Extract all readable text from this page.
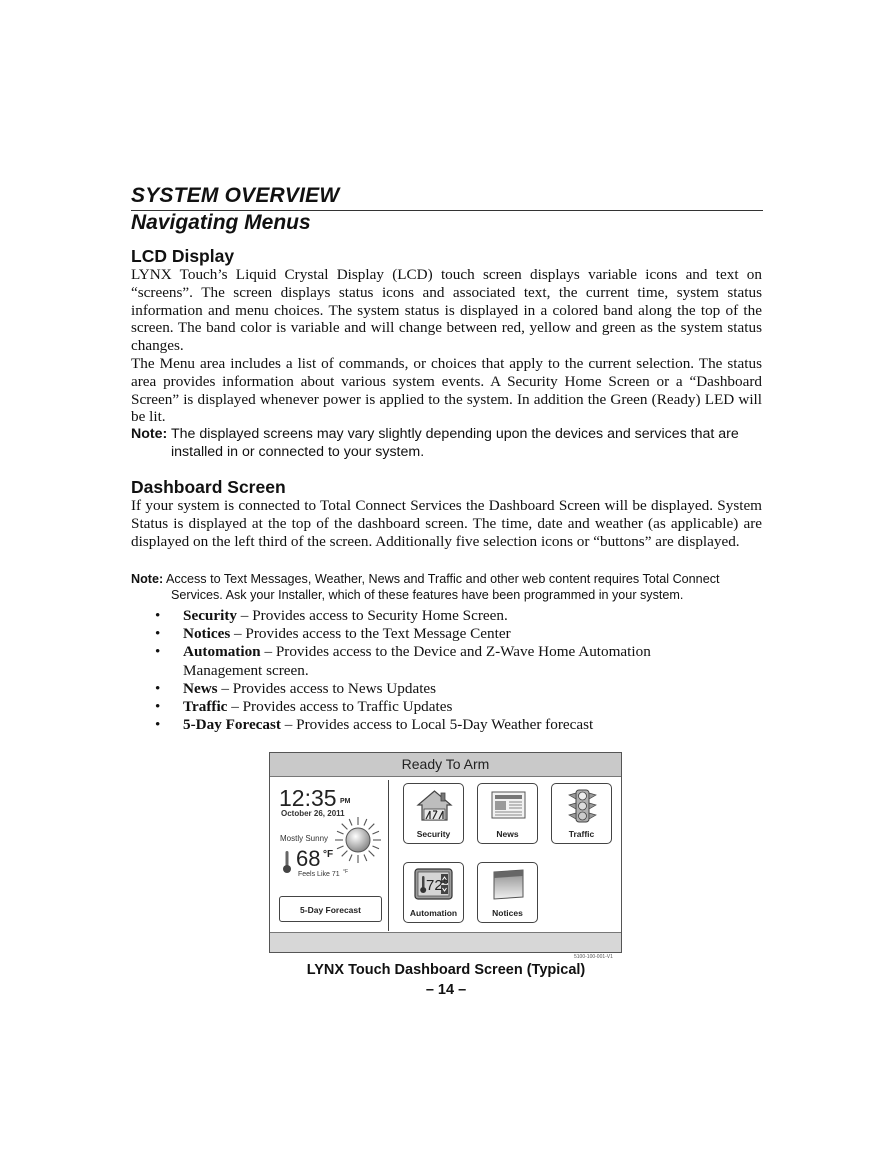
SYSTEM OVERVIEW
Navigating Menus
LCD Display

LYNX Touch’s Liquid Crystal Display (LCD) touch screen displays variable icons and text on “screens”. The screen displays status icons and associated text, the current time, system status information and menu choices. The system status is displayed in a colored band along the top of the screen. The band color is variable and will change between red, yellow and green as the system status changes.

The Menu area includes a list of commands, or choices that apply to the current selection. The status area provides information about various system events. A Security Home Screen or a “Dashboard Screen” is displayed whenever power is applied to the system. In addition the Green (Ready) LED will be lit.

Note: The displayed screens may vary slightly depending upon the devices and services that are installed in or connected to your system.
Dashboard Screen

If your system is connected to Total Connect Services the Dashboard Screen will be displayed. System Status is displayed at the top of the dashboard screen. The time, date and weather (as applicable) are displayed on the left third of the screen. Additionally five selection icons or “buttons” are displayed.

Note: Access to Text Messages, Weather, News and Traffic and other web content requires Total Connect Services. Ask your Installer, which of these features have been programmed in your system.
• Security – Provides access to Security Home Screen.
• Notices – Provides access to the Text Message Center
• Automation – Provides access to the Device and Z-Wave Home Automation Management screen.
• News – Provides access to News Updates
• Traffic – Provides access to Traffic Updates
• 5-Day Forecast – Provides access to Local 5-Day Weather forecast
Ready To Arm
12:35 PM
October 26, 2011
Mostly Sunny
68 °F
Feels Like 71 °F
5-Day Forecast
Security	News	Traffic
72°
Automation	Notices
5100-100-001-V1
LYNX Touch Dashboard Screen (Typical)
– 14 –
